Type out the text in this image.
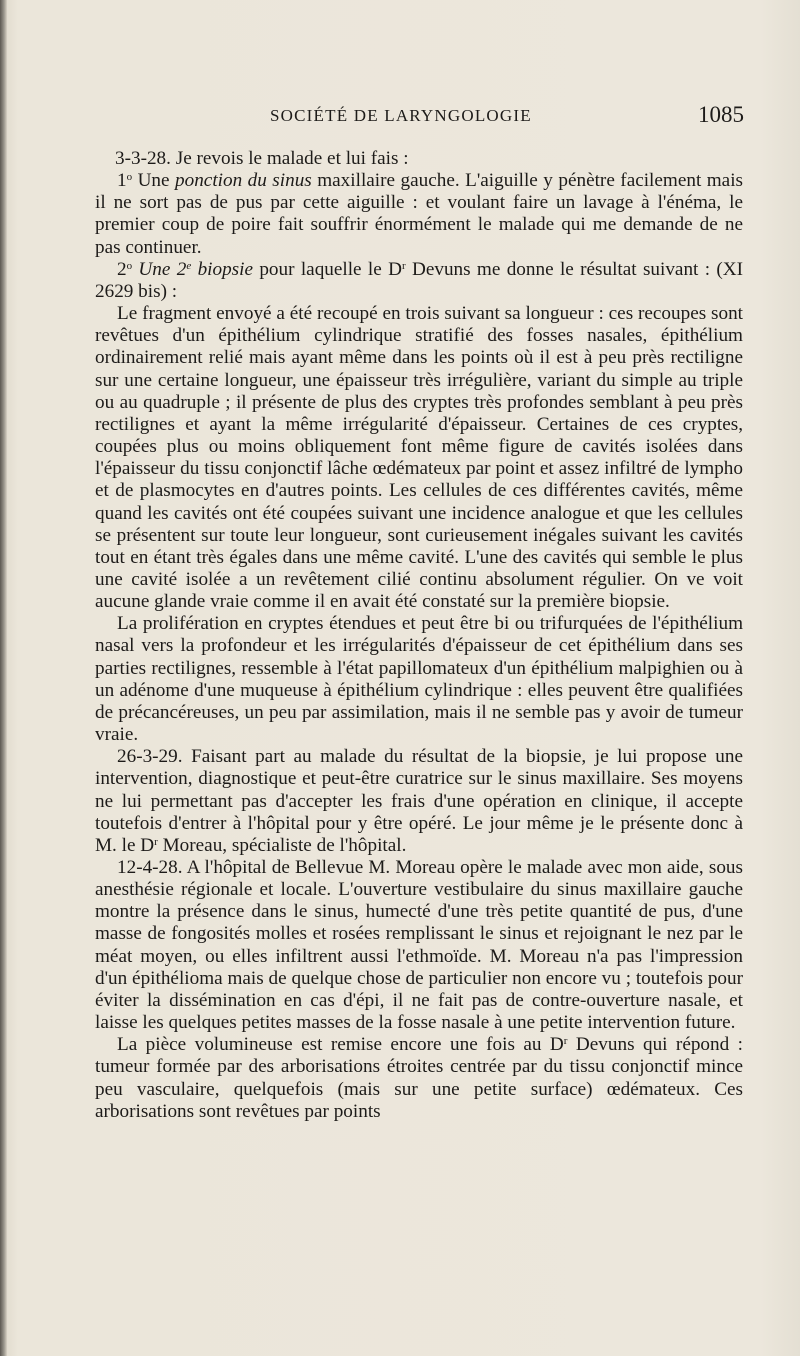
SOCIÉTÉ DE LARYNGOLOGIE	1085

3-3-28. Je revois le malade et lui fais :

1$^o$ Une ponction du sinus maxillaire gauche. L'aiguille y pénètre facilement mais il ne sort pas de pus par cette aiguille : et voulant faire un lavage à l'énéma, le premier coup de poire fait souffrir énormément le malade qui me demande de ne pas continuer.

2$^o$ Une 2e biopsie pour laquelle le $D^r$ Devuns me donne le résultat suivant : (XI 2629 bis) :

Le fragment envoyé a été recoupé en trois suivant sa longueur : ces recoupes sont revêtues d'un épithélium cylindrique stratifié des fosses nasales, épithélium ordinairement relié mais ayant même dans les points où il est à peu près rectiligne sur une certaine longueur, une épaisseur très irrégulière, variant du simple au triple ou au quadruple ; il présente de plus des cryptes très profondes semblant à peu près rectilignes et ayant la même irrégularité d'épaisseur. Certaines de ces cryptes, coupées plus ou moins obliquement font même figure de cavités isolées dans l'épaisseur du tissu conjonctif lâche œdémateux par point et assez infiltré de lympho et de plasmocytes en d'autres points. Les cellules de ces différentes cavités, même quand les cavités ont été coupées suivant une incidence analogue et que les cellules se présentent sur toute leur longueur, sont curieusement inégales suivant les cavités tout en étant très égales dans une même cavité. L'une des cavités qui semble le plus une cavité isolée a un revêtement cilié continu absolument régulier. On ve voit aucune glande vraie comme il en avait été constaté sur la première biopsie.

La prolifération en cryptes étendues et peut être bi ou trifurquées de l'épithélium nasal vers la profondeur et les irrégularités d'épaisseur de cet épithélium dans ses parties rectilignes, ressemble à l'état papillomateux d'un épithélium malpighien ou à un adénome d'une muqueuse à épithélium cylindrique : elles peuvent être qualifiées de précancéreuses, un peu par assimilation, mais il ne semble pas y avoir de tumeur vraie.

26-3-29. Faisant part au malade du résultat de la biopsie, je lui propose une intervention, diagnostique et peut-être curatrice sur le sinus maxillaire. Ses moyens ne lui permettant pas d'accepter les frais d'une opération en clinique, il accepte toutefois d'entrer à l'hôpital pour y être opéré. Le jour même je le présente donc à M. le $D^r$ Moreau, spécialiste de l'hôpital.

12-4-28. A l'hôpital de Bellevue M. Moreau opère le malade avec mon aide, sous anesthésie régionale et locale. L'ouverture vestibulaire du sinus maxillaire gauche montre la présence dans le sinus, humecté d'une très petite quantité de pus, d'une masse de fongosités molles et rosées remplissant le sinus et rejoignant le nez par le méat moyen, ou elles infiltrent aussi l'ethmoïde. M. Moreau n'a pas l'impression d'un épithélioma mais de quelque chose de particulier non encore vu ; toutefois pour éviter la dissémination en cas d'épi, il ne fait pas de contre-ouverture nasale, et laisse les quelques petites masses de la fosse nasale à une petite intervention future.

La pièce volumineuse est remise encore une fois au $D^r$ Devuns qui répond : tumeur formée par des arborisations étroites centrée par du tissu conjonctif mince peu vasculaire, quelquefois (mais sur une petite surface) œdémateux. Ces arborisations sont revêtues par points
